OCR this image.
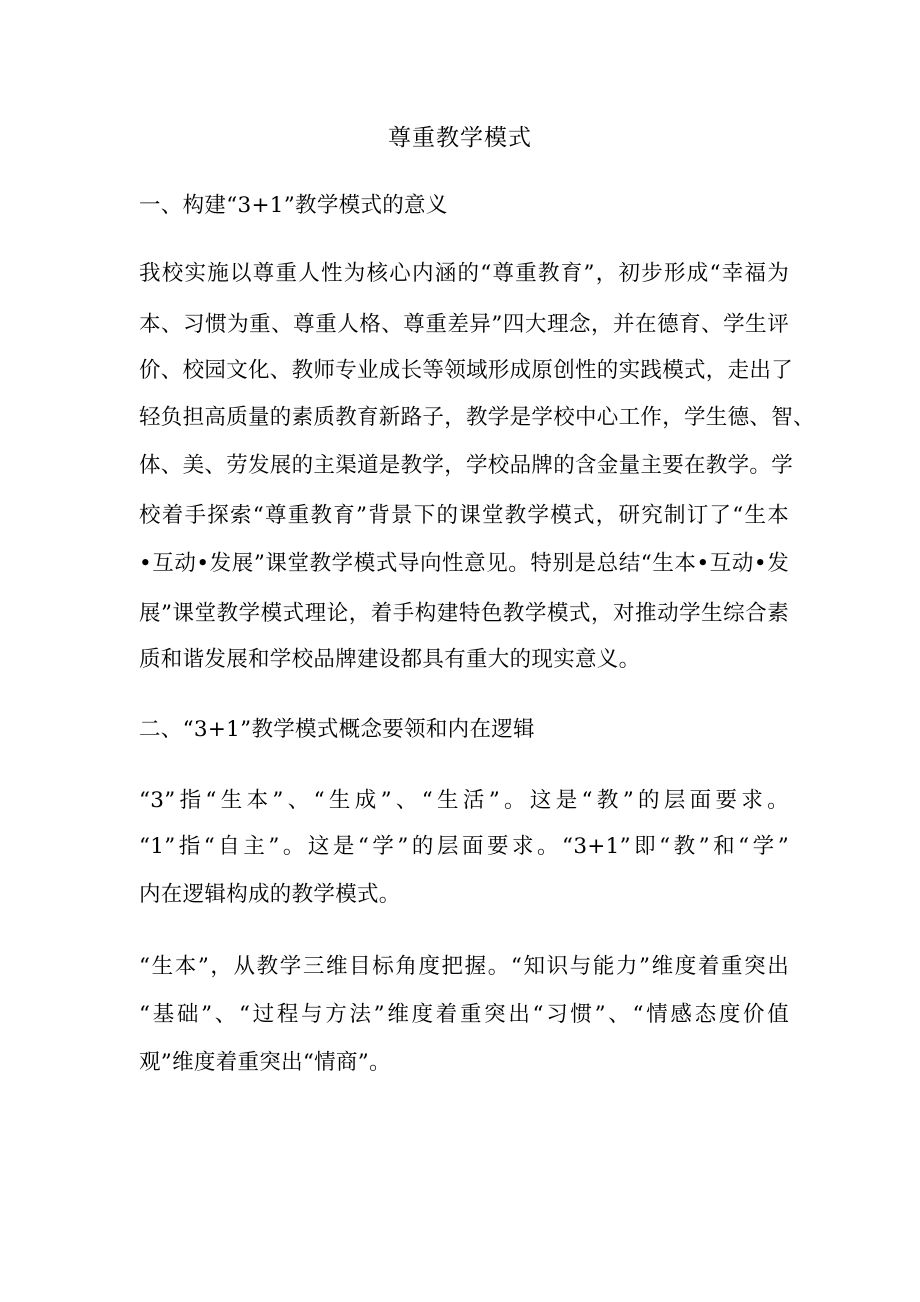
尊重教学模式
一、构建“3+1”教学模式的意义
我校实施以尊重人性为核心内涵的“尊重教育”，初步形成“幸福为
本、习惯为重、尊重人格、尊重差异”四大理念，并在德育、学生评
价、校园文化、教师专业成长等领域形成原创性的实践模式，走出了
轻负担高质量的素质教育新路子，教学是学校中心工作，学生德、智、
体、美、劳发展的主渠道是教学，学校品牌的含金量主要在教学。学
校着手探索“尊重教育”背景下的课堂教学模式，研究制订了“生本
•互动•发展”课堂教学模式导向性意见。特别是总结“生本•互动•发
展”课堂教学模式理论，着手构建特色教学模式，对推动学生综合素
质和谐发展和学校品牌建设都具有重大的现实意义。
二、“3+1”教学模式概念要领和内在逻辑
“3”指“生本”、“生成”、“生活”。这是“教”的层面要求。
“1”指“自主”。这是“学”的层面要求。“3+1”即“教”和“学”
内在逻辑构成的教学模式。
“生本”，从教学三维目标角度把握。“知识与能力”维度着重突出
“基础”、“过程与方法”维度着重突出“习惯”、“情感态度价值
观”维度着重突出“情商”。
